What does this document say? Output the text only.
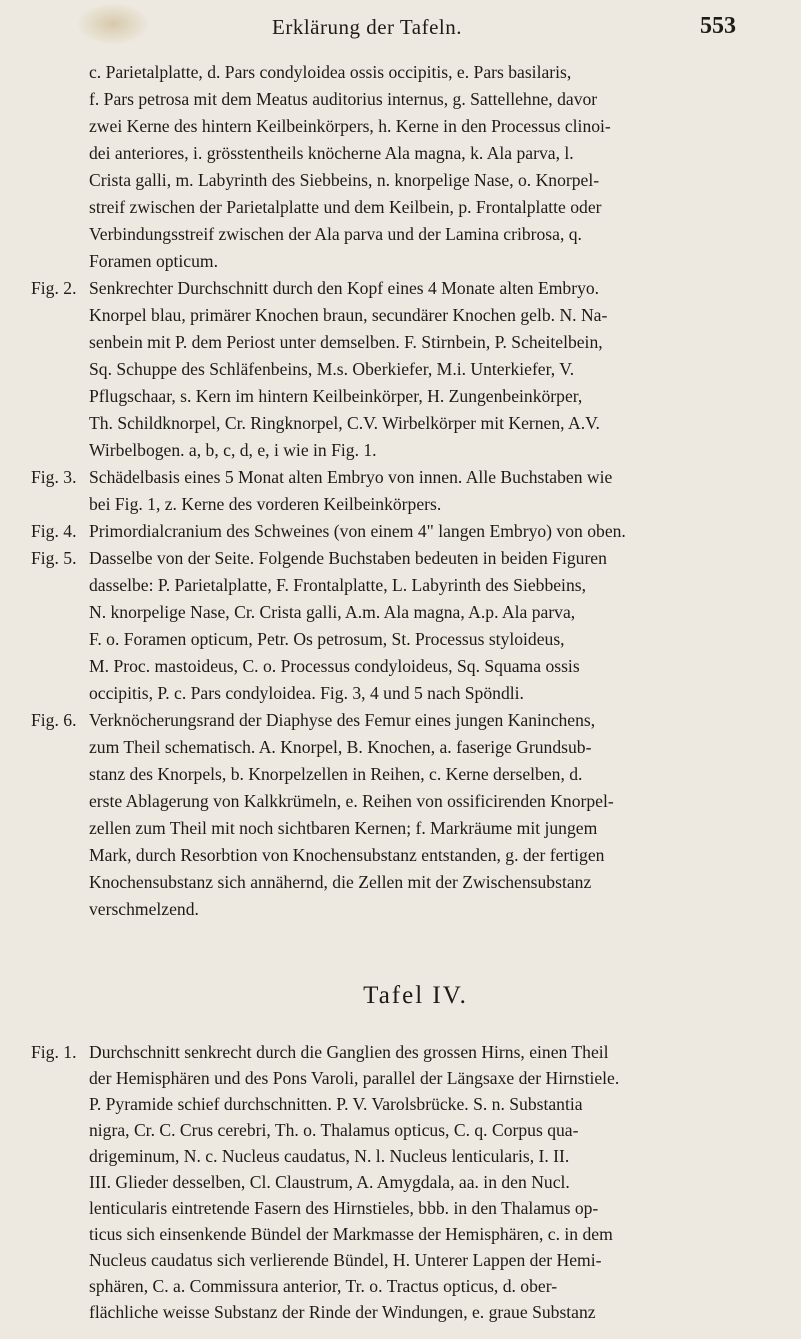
Erklärung der Tafeln.	553
c. Parietalplatte, d. Pars condyloidea ossis occipitis, e. Pars basilaris,
f. Pars petrosa mit dem Meatus auditorius internus, g. Sattellehne, davor
zwei Kerne des hintern Keilbeinkörpers, h. Kerne in den Processus clinoi-
dei anteriores, i. grösstentheils knöcherne Ala magna, k. Ala parva, l.
Crista galli, m. Labyrinth des Siebbeins, n. knorpelige Nase, o. Knorpel-
streif zwischen der Parietalplatte und dem Keilbein, p. Frontalplatte oder
Verbindungsstreif zwischen der Ala parva und der Lamina cribrosa, q.
Foramen opticum.
Fig. 2. Senkrechter Durchschnitt durch den Kopf eines 4 Monate alten Embryo.
Knorpel blau, primärer Knochen braun, secundärer Knochen gelb. N. Na-
senbein mit P. dem Periost unter demselben. F. Stirnbein, P. Scheitelbein,
Sq. Schuppe des Schläfenbeins, M.s. Oberkiefer, M.i. Unterkiefer, V.
Pflugschaar, s. Kern im hintern Keilbeinkörper, H. Zungenbeinkörper,
Th. Schildknorpel, Cr. Ringknorpel, C.V. Wirbelkörper mit Kernen, A.V.
Wirbelbogen. a, b, c, d, e, i wie in Fig. 1.
Fig. 3. Schädelbasis eines 5 Monat alten Embryo von innen. Alle Buchstaben wie
bei Fig. 1, z. Kerne des vorderen Keilbeinkörpers.
Fig. 4. Primordialcranium des Schweines (von einem 4" langen Embryo) von oben.
Fig. 5. Dasselbe von der Seite. Folgende Buchstaben bedeuten in beiden Figuren
dasselbe: P. Parietalplatte, F. Frontalplatte, L. Labyrinth des Siebbeins,
N. knorpelige Nase, Cr. Crista galli, A.m. Ala magna, A.p. Ala parva,
F. o. Foramen opticum, Petr. Os petrosum, St. Processus styloideus,
M. Proc. mastoideus, C. o. Processus condyloideus, Sq. Squama ossis
occipitis, P. c. Pars condyloidea. Fig. 3, 4 und 5 nach Spöndli.
Fig. 6. Verknöcherungsrand der Diaphyse des Femur eines jungen Kaninchens,
zum Theil schematisch. A. Knorpel, B. Knochen, a. faserige Grundsub-
stanz des Knorpels, b. Knorpelzellen in Reihen, c. Kerne derselben, d.
erste Ablagerung von Kalkkrümeln, e. Reihen von ossificirenden Knorpel-
zellen zum Theil mit noch sichtbaren Kernen; f. Markräume mit jungem
Mark, durch Resorbtion von Knochensubstanz entstanden, g. der fertigen
Knochensubstanz sich annähernd, die Zellen mit der Zwischensubstanz
verschmelzend.
Tafel IV.
Fig. 1. Durchschnitt senkrecht durch die Ganglien des grossen Hirns, einen Theil
der Hemisphären und des Pons Varoli, parallel der Längsaxe der Hirnstiele.
P. Pyramide schief durchschnitten. P. V. Varolsbrücke. S. n. Substantia
nigra, Cr. C. Crus cerebri, Th. o. Thalamus opticus, C. q. Corpus qua-
drigeminum, N. c. Nucleus caudatus, N. l. Nucleus lenticularis, I. II.
III. Glieder desselben, Cl. Claustrum, A. Amygdala, aa. in den Nucl.
lenticularis eintretende Fasern des Hirnstieles, bbb. in den Thalamus op-
ticus sich einsenkende Bündel der Markmasse der Hemisphären, c. in dem
Nucleus caudatus sich verlierende Bündel, H. Unterer Lappen der Hemi-
sphären, C. a. Commissura anterior, Tr. o. Tractus opticus, d. ober-
flächliche weisse Substanz der Rinde der Windungen, e. graue Substanz
